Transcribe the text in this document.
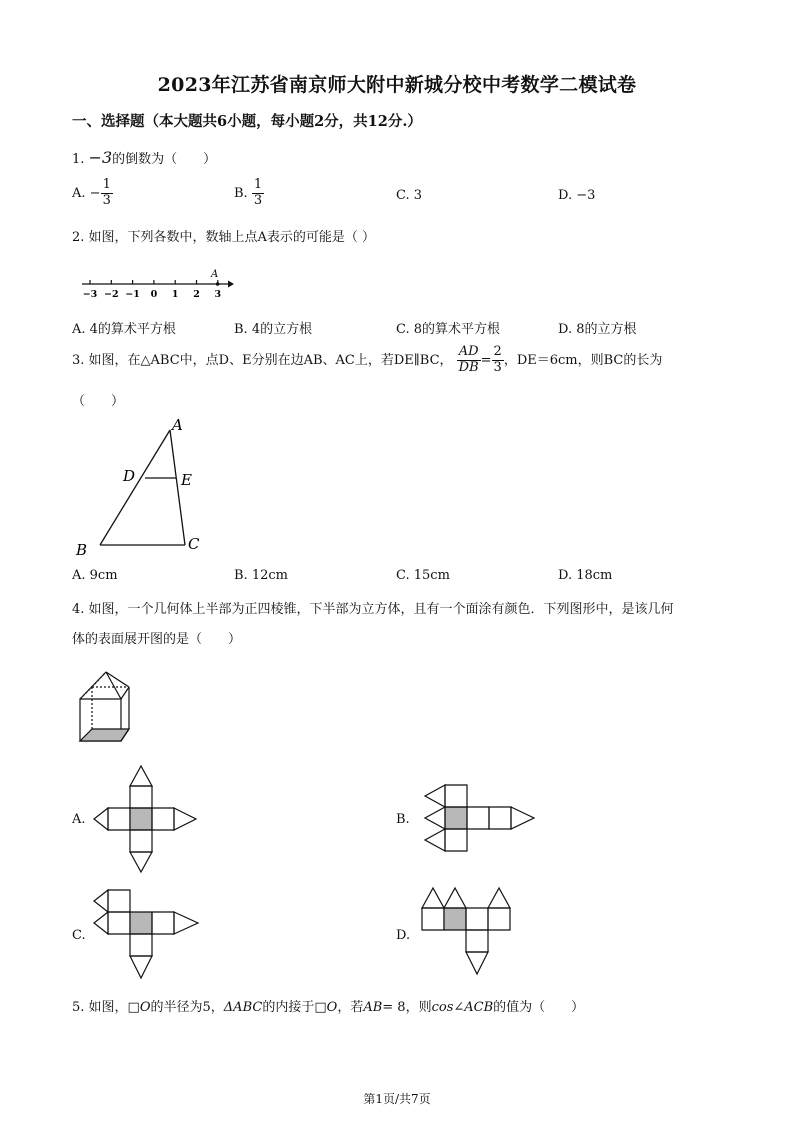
2023年江苏省南京师大附中新城分校中考数学二模试卷
一、选择题（本大题共6小题，每小题2分，共12分.）
1. −3的倒数为（　　）
A. − $\frac{1}{3}$	B. $\frac{1}{3}$	C. 3	D. −3
2. 如图，下列各数中，数轴上点A表示的可能是（ ）
−3 −2 −1 0 1 2 3
A
A. 4的算术平方根	B. 4的立方根	C. 8的算术平方根	D. 8的立方根
3. 如图，在△ABC中，点D、E分别在边AB、AC上，若DE∥BC， $\frac{AD}{DB} = \frac{2}{3}$ ，DE＝6cm，则BC的长为
（　　）
A
B	C
D	E
A. 9cm	B. 12cm	C. 15cm	D. 18cm
4. 如图，一个几何体上半部为正四棱锥，下半部为立方体，且有一个面涂有颜色．下列图形中，是该几何
体的表面展开图的是（　　）
A.	B.
C.	D.
5. 如图，□O的半径为5，ΔABC的内接于□O，若AB= 8，则cos∠ACB的值为（　　）
第1页/共7页
